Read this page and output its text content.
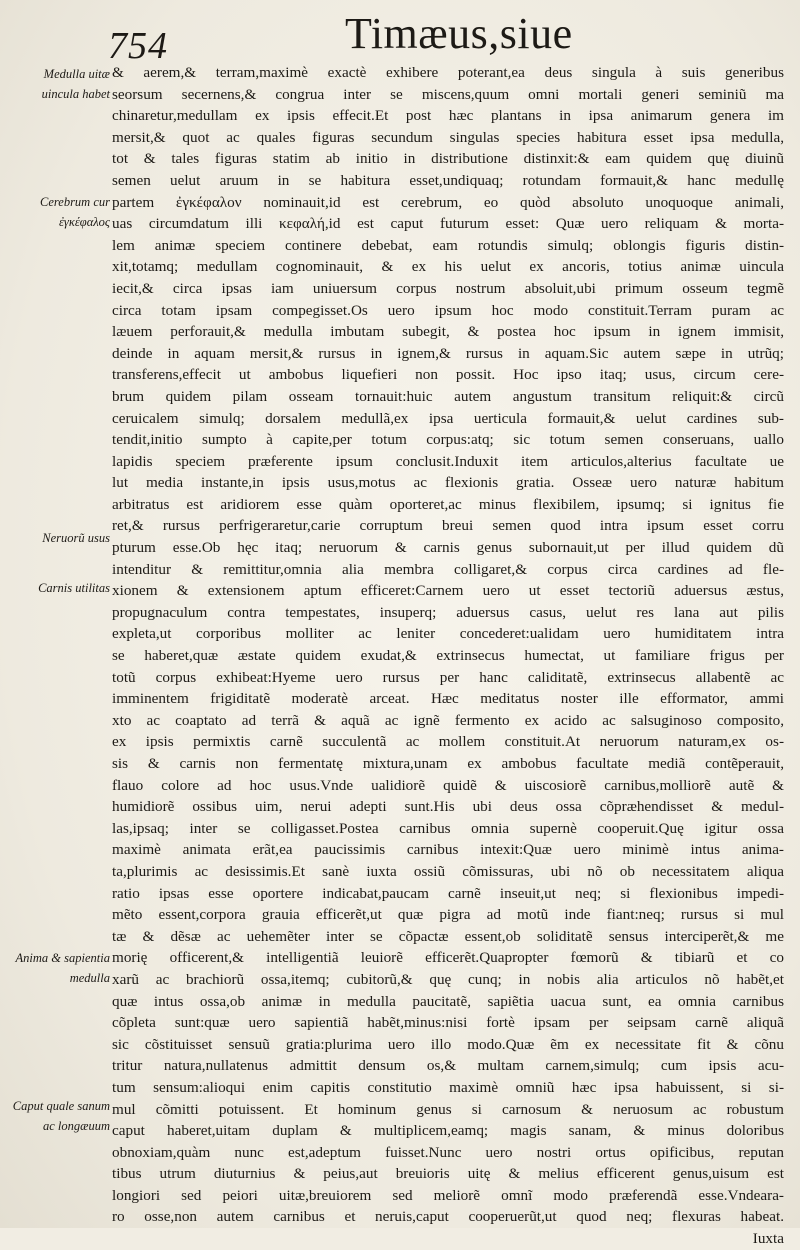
754	Timæus,siue
Medulla uitæ uincula habet
Cerebrum cur ἐγκέφαλος
Neruorũ usus
Carnis utilitas
Anima & sapientia medulla
Caput quale sanum ac longæuum
& aerem,& terram,maximè exactè exhibere poterant,ea deus singula à suis generibus
seorsum secernens,& congrua inter se miscens,quum omni mortali generi seminiũ ma
chinaretur,medullam ex ipsis effecit.Et post hæc plantans in ipsa animarum genera im
mersit,& quot ac quales figuras secundum singulas species habitura esset ipsa medulla,
tot & tales figuras statim ab initio in distributione distinxit:& eam quidem quę diuinũ
semen uelut aruum in se habitura esset,undiquaq; rotundam formauit,& hanc medullę
partem ἐγκέφαλον nominauit,id est cerebrum, eo quòd absoluto unoquoque animali,
uas circumdatum illi κεφαλή,id est caput futurum esset: Quæ uero reliquam & morta-
lem animæ speciem continere debebat, eam rotundis simulq; oblongis figuris distin-
xit,totamq; medullam cognominauit, & ex his uelut ex ancoris, totius animæ uincula
iecit,& circa ipsas iam uniuersum corpus nostrum absoluit,ubi primum osseum tegmẽ
circa totam ipsam compegisset.Os uero ipsum hoc modo constituit.Terram puram ac
læuem perforauit,& medulla imbutam subegit, & postea hoc ipsum in ignem immisit,
deinde in aquam mersit,& rursus in ignem,& rursus in aquam.Sic autem sæpe in utrũq;
transferens,effecit ut ambobus liquefieri non possit. Hoc ipso itaq; usus, circum cere-
brum quidem pilam osseam tornauit:huic autem angustum transitum reliquit:& circũ
ceruicalem simulq; dorsalem medullã,ex ipsa uerticula formauit,& uelut cardines sub-
tendit,initio sumpto à capite,per totum corpus:atq; sic totum semen conseruans, uallo
lapidis speciem præferente ipsum conclusit.Induxit item articulos,alterius facultate ue
lut media instante,in ipsis usus,motus ac flexionis gratia. Osseæ uero naturæ habitum
arbitratus est aridiorem esse quàm oporteret,ac minus flexibilem, ipsumq; si ignitus fie
ret,& rursus perfrigeraretur,carie corruptum breui semen quod intra ipsum esset corru
pturum esse.Ob hęc itaq; neruorum & carnis genus subornauit,ut per illud quidem dũ
intenditur & remittitur,omnia alia membra colligaret,& corpus circa cardines ad fle-
xionem & extensionem aptum efficeret:Carnem uero ut esset tectoriũ aduersus æstus,
propugnaculum contra tempestates, insuperq; aduersus casus, uelut res lana aut pilis
expleta,ut corporibus molliter ac leniter concederet:ualidam uero humiditatem intra
se haberet,quæ æstate quidem exudat,& extrinsecus humectat, ut familiare frigus per
totũ corpus exhibeat:Hyeme uero rursus per hanc caliditatẽ, extrinsecus allabentẽ ac
imminentem frigiditatẽ moderatè arceat. Hæc meditatus noster ille efformator, ammi
xto ac coaptato ad terrã & aquã ac ignẽ fermento ex acido ac salsuginoso composito,
ex ipsis permixtis carnẽ succulentã ac mollem constituit.At neruorum naturam,ex os-
sis & carnis non fermentatę mixtura,unam ex ambobus facultate mediã contẽperauit,
flauo colore ad hoc usus.Vnde ualidiorẽ quidẽ & uiscosiorẽ carnibus,molliorẽ autẽ &
humidiorẽ ossibus uim, nerui adepti sunt.His ubi deus ossa cõpræhendisset & medul-
las,ipsaq; inter se colligasset.Postea carnibus omnia supernè cooperuit.Quę igitur ossa
maximè animata erãt,ea paucissimis carnibus intexit:Quæ uero minimè intus anima-
ta,plurimis ac desissimis.Et sanè iuxta ossiũ cõmissuras, ubi nõ ob necessitatem aliqua
ratio ipsas esse oportere indicabat,paucam carnẽ inseuit,ut neq; si flexionibus impedi-
mẽto essent,corpora grauia efficerẽt,ut quæ pigra ad motũ inde fiant:neq; rursus si mul
tæ & dẽsæ ac uehemẽter inter se cõpactæ essent,ob soliditatẽ sensus interciperẽt,& me
morię officerent,& intelligentiã leuiorẽ efficerẽt.Quapropter fœmorũ & tibiarũ et co
xarũ ac brachiorũ ossa,itemq; cubitorũ,& quę cunq; in nobis alia articulos nõ habẽt,et
quæ intus ossa,ob animæ in medulla paucitatẽ, sapiẽtia uacua sunt, ea omnia carnibus
cõpleta sunt:quæ uero sapientiã habẽt,minus:nisi fortè ipsam per seipsam carnẽ aliquã
sic cõstituisset sensuũ gratia:plurima uero illo modo.Quæ ẽm ex necessitate fit & cõnu
tritur natura,nullatenus admittit densum os,& multam carnem,simulq; cum ipsis acu-
tum sensum:alioqui enim capitis constitutio maximè omniũ hæc ipsa habuissent, si si-
mul cõmitti potuissent. Et hominum genus si carnosum & neruosum ac robustum
caput haberet,uitam duplam & multiplicem,eamq; magis sanam, & minus doloribus
obnoxiam,quàm nunc est,adeptum fuisset.Nunc uero nostri ortus opificibus, reputan
tibus utrum diuturnius & peius,aut breuioris uitę & melius efficerent genus,uisum est
longiori sed peiori uitæ,breuiorem sed meliorẽ omnĩ modo præferendã esse.Vndeara-
ro osse,non autem carnibus et neruis,caput cooperuerũt,ut quod neq; flexuras habeat.
Iuxta
